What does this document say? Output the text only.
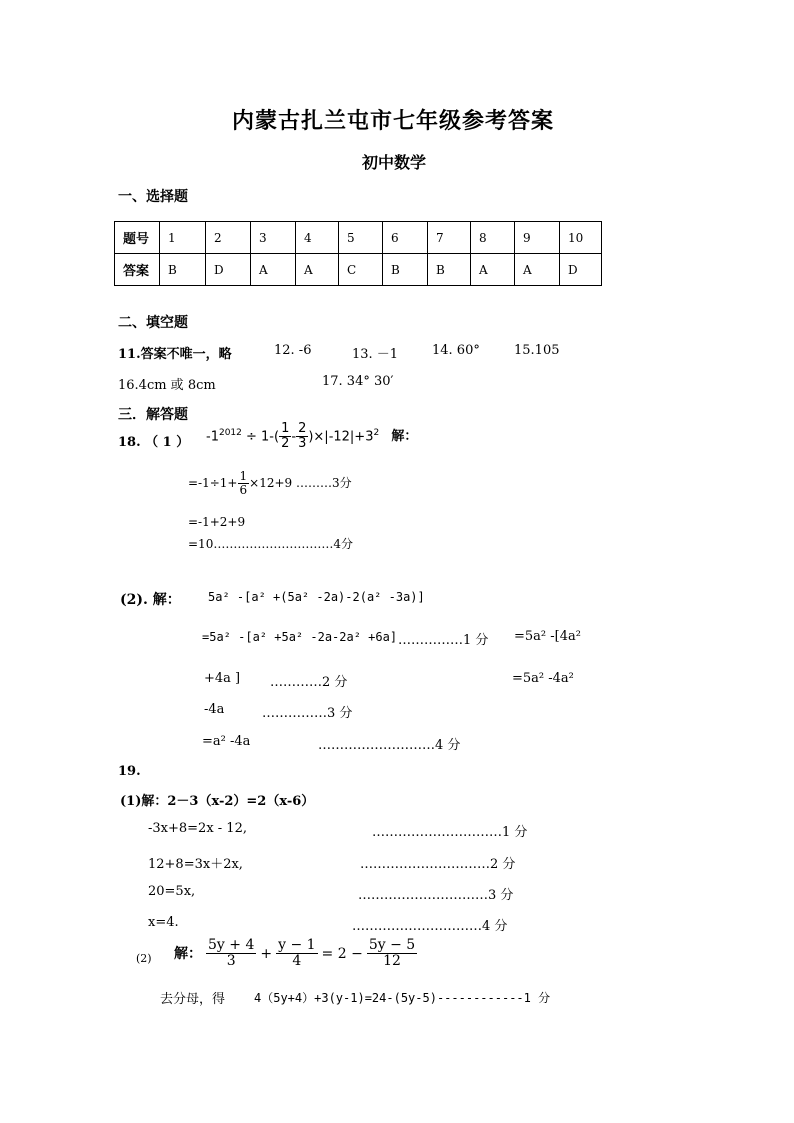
内蒙古扎兰屯市七年级参考答案
初中数学
一、选择题
题号	1	2	3	4	5	6	7	8	9	10
答案	B	D	A	A	C	B	B	A	A	D
二、填空题
11.答案不唯一，略	12. -6	13. －1	14. 60°	15.105
16.4cm 或 8cm	17. 34° 30′
三．解答题
18. （ 1 ） $-1^{2012} \div 1-( \frac{1}{2} - \frac{2}{3} )\times|-12|+3^2$ 解：
$=-1\div 1+ \frac{1}{6} \times 12+9$ ………3分
=-1+2+9
=10…………………………4分
(2). 解： 5a² -[a² +(5a² -2a)-2(a² -3a)]
=5a² -[a² +5a² -2a-2a² +6a] ……………1 分 =5a² -[4a²
+4a ] …………2 分	=5a² -4a²
-4a	……………3 分
=a² -4a	………………………4 分
19.
(1)解：2－3（x-2）=2（x-6）
-3x+8=2x - 12,	…………………………1 分
12+8=3x＋2x,	…………………………2 分
20=5x,	…………………………3 分
x=4.	…………………………4 分
(2) 解： $\frac{5y + 4}{3} + \frac{y - 1}{4} = 2 - \frac{5y - 5}{12}$
去分母，得 4（5y+4）+3(y-1)=24-(5y-5)------------1 分
